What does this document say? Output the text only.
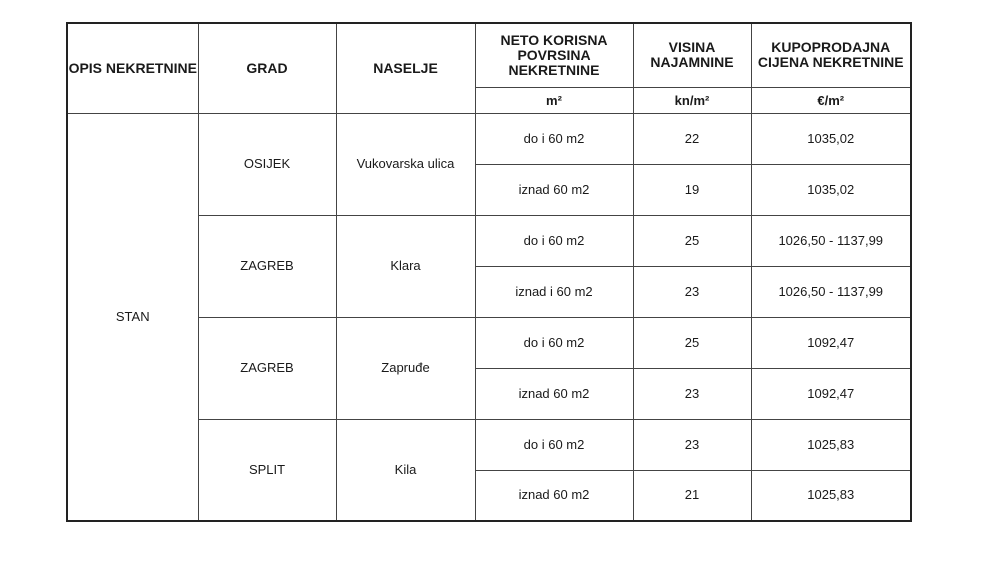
OPIS NEKRETNINE	GRAD	NASELJE	NETO KORISNA POVRSINA NEKRETNINE	VISINA NAJAMNINE	KUPOPRODAJNA CIJENA NEKRETNINE
			m²	kn/m²	€/m²
STAN	OSIJEK	Vukovarska ulica	do i 60 m2	22	1035,02
			iznad 60 m2	19	1035,02
	ZAGREB	Klara	do i 60 m2	25	1026,50 - 1137,99
			iznad i 60 m2	23	1026,50 - 1137,99
	ZAGREB	Zapruđe	do i 60 m2	25	1092,47
			iznad 60 m2	23	1092,47
	SPLIT	Kila	do i 60 m2	23	1025,83
			iznad 60 m2	21	1025,83
